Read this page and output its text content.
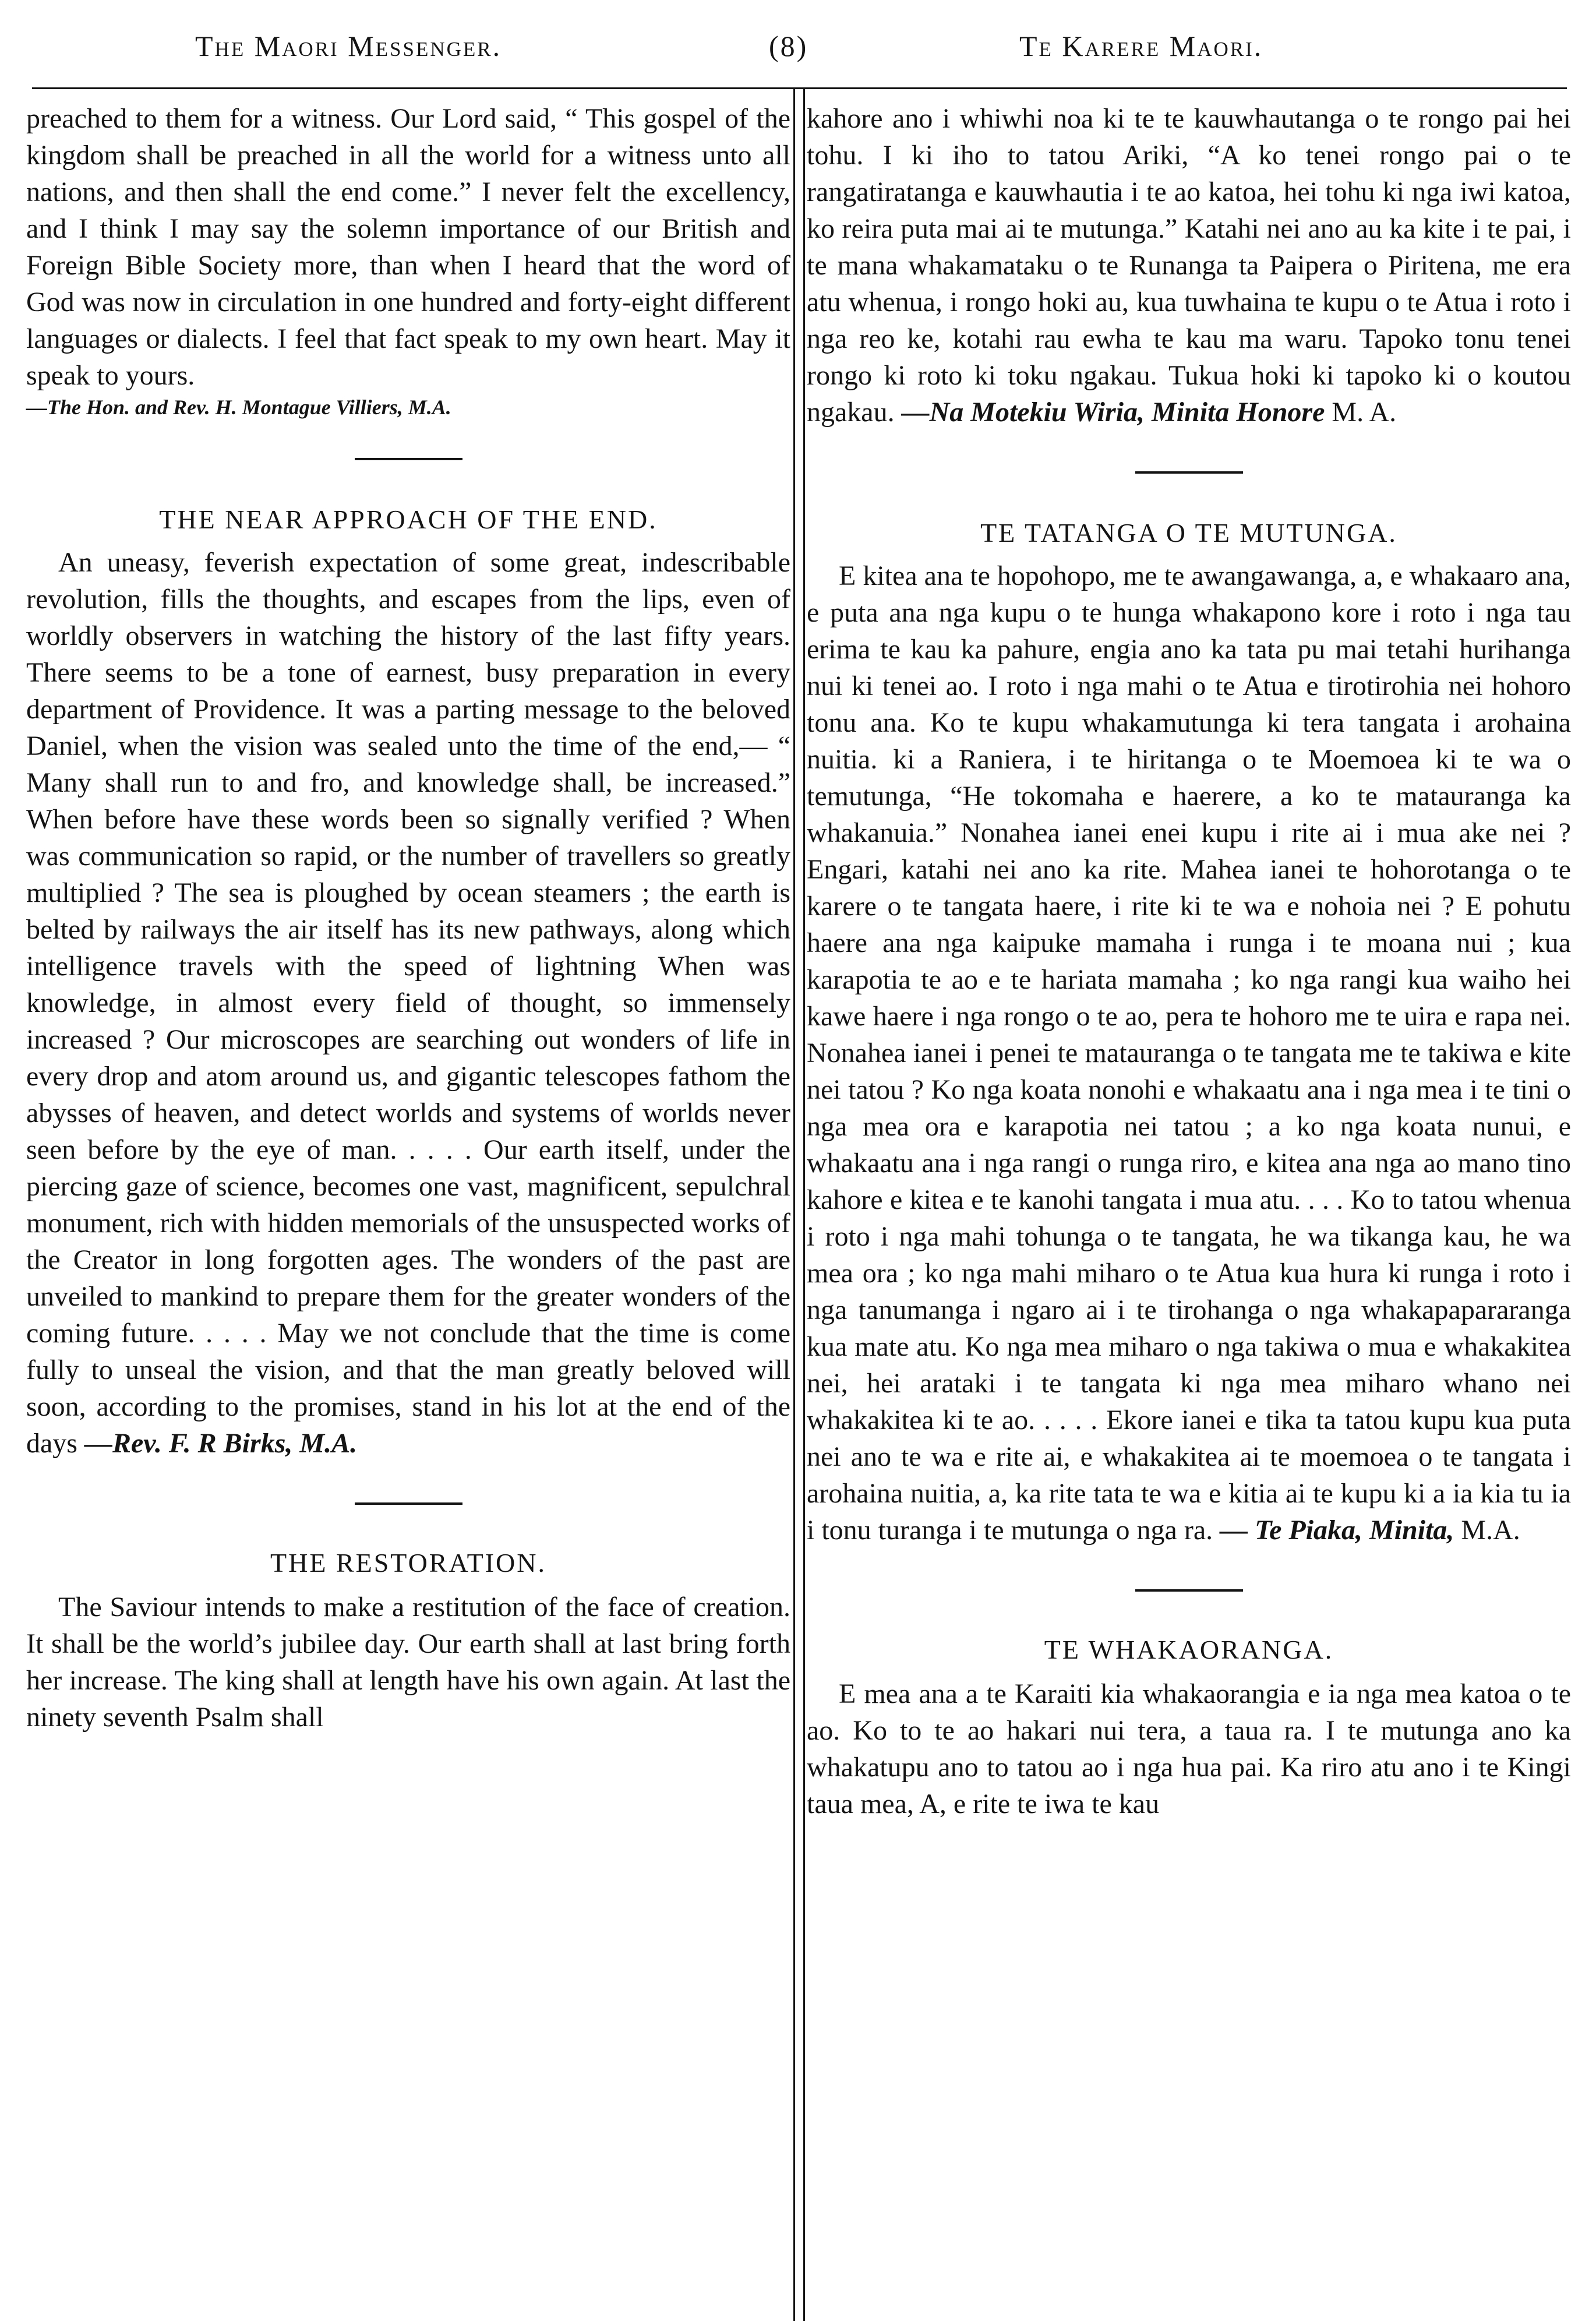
The Maori Messenger.	(8)	Te Karere Maori.

preached to them for a witness. Our Lord said, “ This gospel of the kingdom shall be preached in all the world for a witness unto all nations, and then shall the end come.” I never felt the excellency, and I think I may say the solemn importance of our British and Foreign Bible Society more, than when I heard that the word of God was now in circulation in one hundred and forty-eight different languages or dialects. I feel that fact speak to my own heart. May it speak to yours.

—The Hon. and Rev. H. Montague Villiers, M.A.

THE NEAR APPROACH OF THE END.

An uneasy, feverish expectation of some great, indescribable revolution, fills the thoughts, and escapes from the lips, even of worldly observers in watching the history of the last fifty years. There seems to be a tone of earnest, busy preparation in every department of Providence. It was a parting message to the beloved Daniel, when the vision was sealed unto the time of the end,— “ Many shall run to and fro, and knowledge shall, be increased.” When before have these words been so signally verified ? When was communication so rapid, or the number of travellers so greatly multiplied ? The sea is ploughed by ocean steamers ; the earth is belted by railways the air itself has its new pathways, along which intelligence travels with the speed of lightning When was knowledge, in almost every field of thought, so immensely increased ? Our microscopes are searching out wonders of life in every drop and atom around us, and gigantic telescopes fathom the abysses of heaven, and detect worlds and systems of worlds never seen before by the eye of man. . . . . Our earth itself, under the piercing gaze of science, becomes one vast, magnificent, sepulchral monument, rich with hidden memorials of the unsuspected works of the Creator in long forgotten ages. The wonders of the past are unveiled to mankind to prepare them for the greater wonders of the coming future. . . . . May we not conclude that the time is come fully to unseal the vision, and that the man greatly beloved will soon, according to the promises, stand in his lot at the end of the days —Rev. F. R Birks, M.A.

THE RESTORATION.

The Saviour intends to make a restitution of the face of creation. It shall be the world’s jubilee day. Our earth shall at last bring forth her increase. The king shall at length have his own again. At last the ninety seventh Psalm shall

kahore ano i whiwhi noa ki te te kauwhautanga o te rongo pai hei tohu. I ki iho to tatou Ariki, “A ko tenei rongo pai o te rangatiratanga e kauwhautia i te ao katoa, hei tohu ki nga iwi katoa, ko reira puta mai ai te mutunga.” Katahi nei ano au ka kite i te pai, i te mana whakamataku o te Runanga ta Paipera o Piritena, me era atu whenua, i rongo hoki au, kua tuwhaina te kupu o te Atua i roto i nga reo ke, kotahi rau ewha te kau ma waru. Tapoko tonu tenei rongo ki roto ki toku ngakau. Tukua hoki ki tapoko ki o koutou ngakau. —Na Motekiu Wiria, Minita Honore M. A.

TE TATANGA O TE MUTUNGA.

E kitea ana te hopohopo, me te awangawanga, a, e whakaaro ana, e puta ana nga kupu o te hunga whakapono kore i roto i nga tau erima te kau ka pahure, engia ano ka tata pu mai tetahi hurihanga nui ki tenei ao. I roto i nga mahi o te Atua e tirotirohia nei hohoro tonu ana. Ko te kupu whakamutunga ki tera tangata i arohaina nuitia. ki a Raniera, i te hiritanga o te Moemoea ki te wa o temutunga, “He tokomaha e haerere, a ko te matauranga ka whakanuia.” Nonahea ianei enei kupu i rite ai i mua ake nei ? Engari, katahi nei ano ka rite. Mahea ianei te hohorotanga o te karere o te tangata haere, i rite ki te wa e nohoia nei ? E pohutu haere ana nga kaipuke mamaha i runga i te moana nui ; kua karapotia te ao e te hariata mamaha ; ko nga rangi kua waiho hei kawe haere i nga rongo o te ao, pera te hohoro me te uira e rapa nei. Nonahea ianei i penei te matauranga o te tangata me te takiwa e kite nei tatou ? Ko nga koata nonohi e whakaatu ana i nga mea i te tini o nga mea ora e karapotia nei tatou ; a ko nga koata nunui, e whakaatu ana i nga rangi o runga riro, e kitea ana nga ao mano tino kahore e kitea e te kanohi tangata i mua atu. . . . Ko to tatou whenua i roto i nga mahi tohunga o te tangata, he wa tikanga kau, he wa mea ora ; ko nga mahi miharo o te Atua kua hura ki runga i roto i nga tanumanga i ngaro ai i te tirohanga o nga whakapapararanga kua mate atu. Ko nga mea miharo o nga takiwa o mua e whakakitea nei, hei arataki i te tangata ki nga mea miharo whano nei whakakitea ki te ao. . . . . Ekore ianei e tika ta tatou kupu kua puta nei ano te wa e rite ai, e whakakitea ai te moemoea o te tangata i arohaina nuitia, a, ka rite tata te wa e kitia ai te kupu ki a ia kia tu ia i tonu turanga i te mutunga o nga ra. — Te Piaka, Minita, M.A.

TE WHAKAORANGA.

E mea ana a te Karaiti kia whakaorangia e ia nga mea katoa o te ao. Ko to te ao hakari nui tera, a taua ra. I te mutunga ano ka whakatupu ano to tatou ao i nga hua pai. Ka riro atu ano i te Kingi taua mea, A, e rite te iwa te kau
